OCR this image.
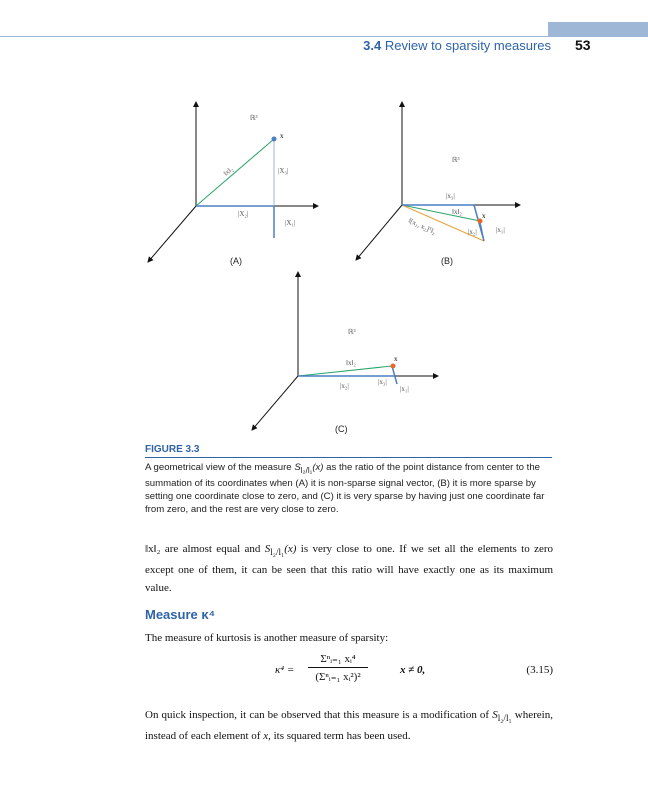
3.4 Review to sparsity measures 53
ℝ³
x
‖x‖₂	|X₃|
|X₂|
|X₁|
(A)
ℝ³
x
|x₃|
‖x‖₂
|x₁|
|x₂|
‖[x₁, x₂]ᵀ‖₂
(B)
ℝ³
x
‖x‖₂
|x₂|	|x₃|
|x₁|
(C)
FIGURE 3.3
A geometrical view of the measure $S_{l_2/l_1}(x)$ as the ratio of the point distance from center to the summation of its coordinates when (A) it is non-sparse signal vector, (B) it is more sparse by setting one coordinate close to zero, and (C) it is very sparse by having just one coordinate far from zero, and the rest are very close to zero.
‖x‖₂ are almost equal and $S_{l_2/l_1}(x)$ is very close to one. If we set all the elements to zero except one of them, it can be seen that this ratio will have exactly one as its maximum value.
Measure κ⁴
The measure of kurtosis is another measure of sparsity:
κ⁴ =
Σⁿᵢ₌₁ xᵢ⁴
(Σⁿᵢ₌₁ xᵢ²)²
x ≠ 0,	(3.15)
On quick inspection, it can be observed that this measure is a modification of $S_{l_2/l_1}$ wherein, instead of each element of x, its squared term has been used.
